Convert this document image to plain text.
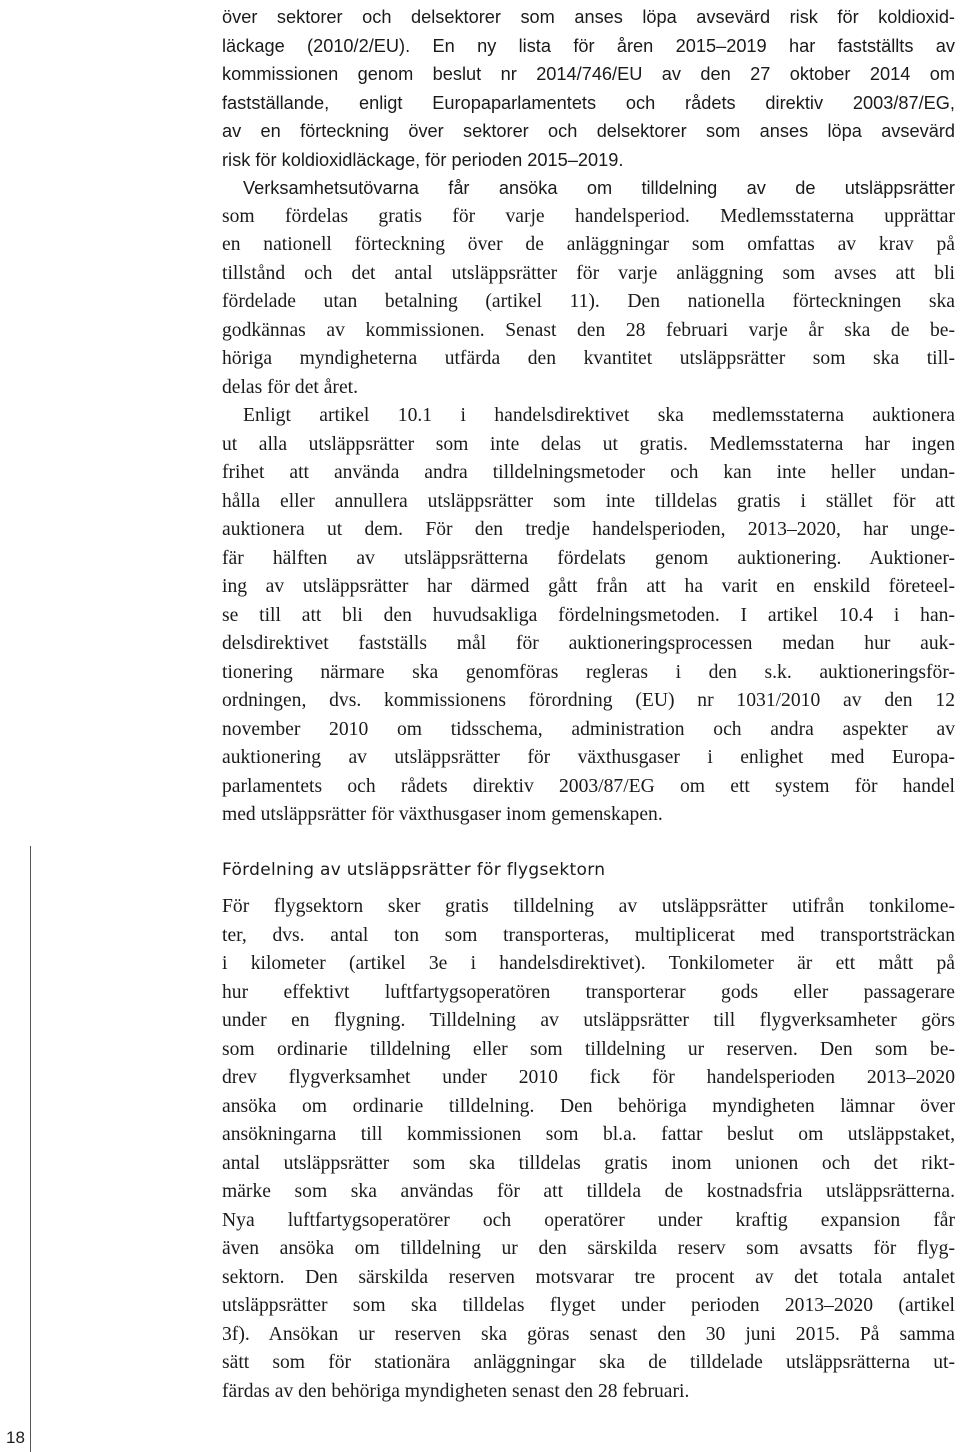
över sektorer och delsektorer som anses löpa avsevärd risk för koldioxid-
läckage (2010/2/EU). En ny lista för åren 2015–2019 har fastställts av
kommissionen genom beslut nr 2014/746/EU av den 27 oktober 2014 om
fastställande, enligt Europaparlamentets och rådets direktiv 2003/87/EG,
av en förteckning över sektorer och delsektorer som anses löpa avsevärd
risk för koldioxidläckage, för perioden 2015–2019.
Verksamhetsutövarna får ansöka om tilldelning av de utsläppsrätter
som fördelas gratis för varje handelsperiod. Medlemsstaterna upprättar
en nationell förteckning över de anläggningar som omfattas av krav på
tillstånd och det antal utsläppsrätter för varje anläggning som avses att bli
fördelade utan betalning (artikel 11). Den nationella förteckningen ska
godkännas av kommissionen. Senast den 28 februari varje år ska de be-
höriga myndigheterna utfärda den kvantitet utsläppsrätter som ska till-
delas för det året.
Enligt artikel 10.1 i handelsdirektivet ska medlemsstaterna auktionera
ut alla utsläppsrätter som inte delas ut gratis. Medlemsstaterna har ingen
frihet att använda andra tilldelningsmetoder och kan inte heller undan-
hålla eller annullera utsläppsrätter som inte tilldelas gratis i stället för att
auktionera ut dem. För den tredje handelsperioden, 2013–2020, har unge-
fär hälften av utsläppsrätterna fördelats genom auktionering. Auktioner-
ing av utsläppsrätter har därmed gått från att ha varit en enskild företeel-
se till att bli den huvudsakliga fördelningsmetoden. I artikel 10.4 i han-
delsdirektivet fastställs mål för auktioneringsprocessen medan hur auk-
tionering närmare ska genomföras regleras i den s.k. auktioneringsför-
ordningen, dvs. kommissionens förordning (EU) nr 1031/2010 av den 12
november 2010 om tidsschema, administration och andra aspekter av
auktionering av utsläppsrätter för växthusgaser i enlighet med Europa-
parlamentets och rådets direktiv 2003/87/EG om ett system för handel
med utsläppsrätter för växthusgaser inom gemenskapen.
Fördelning av utsläppsrätter för flygsektorn
För flygsektorn sker gratis tilldelning av utsläppsrätter utifrån tonkilome-
ter, dvs. antal ton som transporteras, multiplicerat med transportsträckan
i kilometer (artikel 3e i handelsdirektivet). Tonkilometer är ett mått på
hur effektivt luftfartygsoperatören transporterar gods eller passagerare
under en flygning. Tilldelning av utsläppsrätter till flygverksamheter görs
som ordinarie tilldelning eller som tilldelning ur reserven. Den som be-
drev flygverksamhet under 2010 fick för handelsperioden 2013–2020
ansöka om ordinarie tilldelning. Den behöriga myndigheten lämnar över
ansökningarna till kommissionen som bl.a. fattar beslut om utsläppstaket,
antal utsläppsrätter som ska tilldelas gratis inom unionen och det rikt-
märke som ska användas för att tilldela de kostnadsfria utsläppsrätterna.
Nya luftfartygsoperatörer och operatörer under kraftig expansion får
även ansöka om tilldelning ur den särskilda reserv som avsatts för flyg-
sektorn. Den särskilda reserven motsvarar tre procent av det totala antalet
utsläppsrätter som ska tilldelas flyget under perioden 2013–2020 (artikel
3f). Ansökan ur reserven ska göras senast den 30 juni 2015. På samma
sätt som för stationära anläggningar ska de tilldelade utsläppsrätterna ut-
färdas av den behöriga myndigheten senast den 28 februari.
18
